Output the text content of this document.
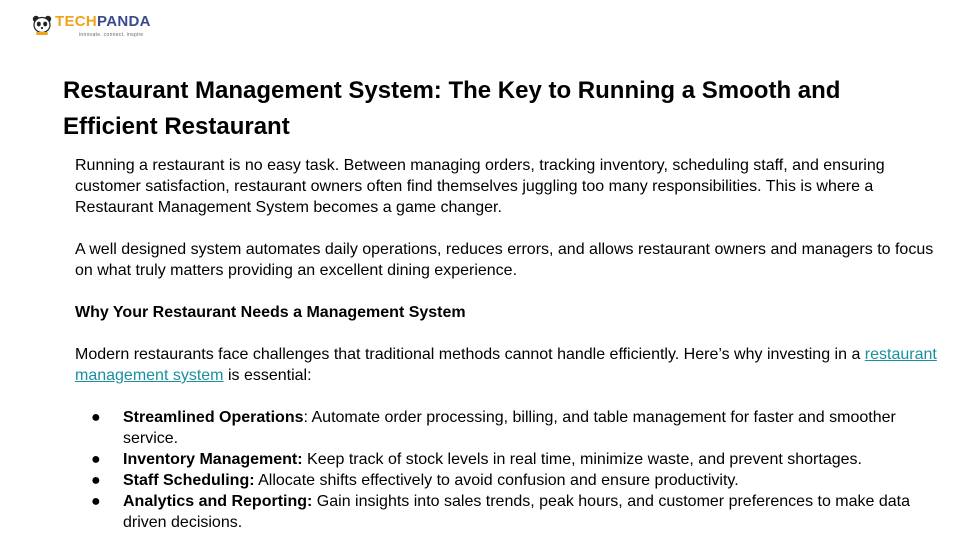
TECHPANDA
innovate. connect. inspire
Restaurant Management System: The Key to Running a Smooth and Efficient Restaurant

Running a restaurant is no easy task. Between managing orders, tracking inventory, scheduling staff, and ensuring customer satisfaction, restaurant owners often find themselves juggling too many responsibilities. This is where a Restaurant Management System becomes a game changer.

A well designed system automates daily operations, reduces errors, and allows restaurant owners and managers to focus on what truly matters providing an excellent dining experience.

Why Your Restaurant Needs a Management System

Modern restaurants face challenges that traditional methods cannot handle efficiently. Here’s why investing in a restaurant management system is essential:

● Streamlined Operations: Automate order processing, billing, and table management for faster and smoother service.
● Inventory Management: Keep track of stock levels in real time, minimize waste, and prevent shortages.
● Staff Scheduling: Allocate shifts effectively to avoid confusion and ensure productivity.
● Analytics and Reporting: Gain insights into sales trends, peak hours, and customer preferences to make data driven decisions.
